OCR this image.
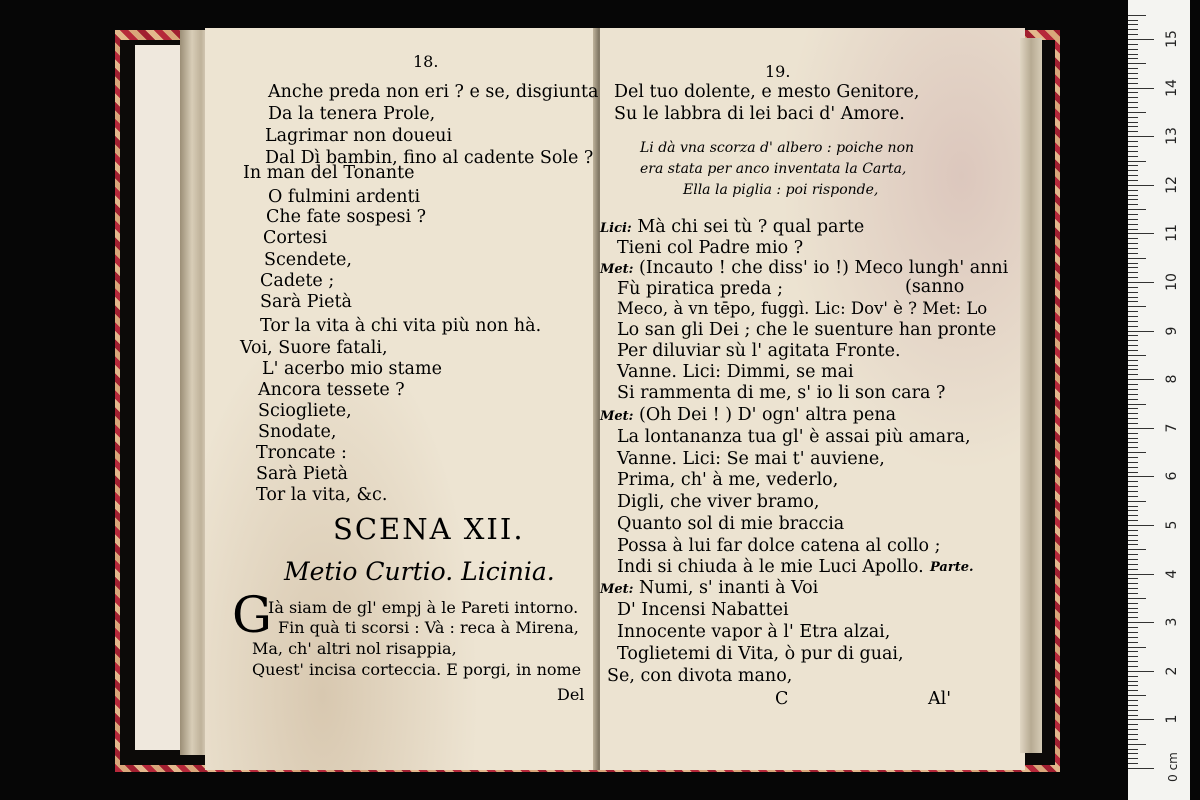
18.
Anche preda non eri ? e se, disgiunta
Da la tenera Prole,
Lagrimar non doueui
Dal Dì bambin, fino al cadente Sole ?
In man del Tonante
O fulmini ardenti
Che fate sospesi ?
Cortesi
Scendete,
Cadete ;
Sarà Pietà
Tor la vita à chi vita più non hà.
Voi, Suore fatali,
L' acerbo mio stame
Ancora tessete ?
Sciogliete,
Snodate,
Troncate :
Sarà Pietà
Tor la vita, &c.
SCENA XII.
Metio Curtio. Licinia.
G
Ià siam de gl' empj à le Pareti intorno.
Fin quà ti scorsi : Và : reca à Mirena,
Ma, ch' altri nol risappia,
Quest' incisa corteccia. E porgi, in nome
Del
19.
Del tuo dolente, e mesto Genitore,
Su le labbra di lei baci d' Amore.
Li dà vna scorza d' albero : poiche non
era stata per anco inventata la Carta,
Ella la piglia : poi risponde,
Lici: Mà chi sei tù ? qual parte
Tieni col Padre mio ?
Met: (Incauto ! che diss' io !) Meco lungh' anni
Fù piratica preda ;	(sanno
Meco, à vn tēpo, fuggì. Lic: Dov' è ? Met: Lo
Lo san gli Dei ; che le suenture han pronte
Per diluviar sù l' agitata Fronte.
Vanne. Lici: Dimmi, se mai
Si rammenta di me, s' io li son cara ?
Met: (Oh Dei ! ) D' ogn' altra pena
La lontananza tua gl' è assai più amara,
Vanne. Lici: Se mai t' auviene,
Prima, ch' à me, vederlo,
Digli, che viver bramo,
Quanto sol di mie braccia
Possa à lui far dolce catena al collo ;
Indi si chiuda à le mie Luci Apollo. Parte.
Met: Numi, s' inanti à Voi
D' Incensi Nabattei
Innocente vapor à l' Etra alzai,
Toglietemi di Vita, ò pur di guai,
Se, con divota mano,
C	Al'
0 cm
1
2
3
4
5
6
7
8
9
10
11
12
13
14
15
